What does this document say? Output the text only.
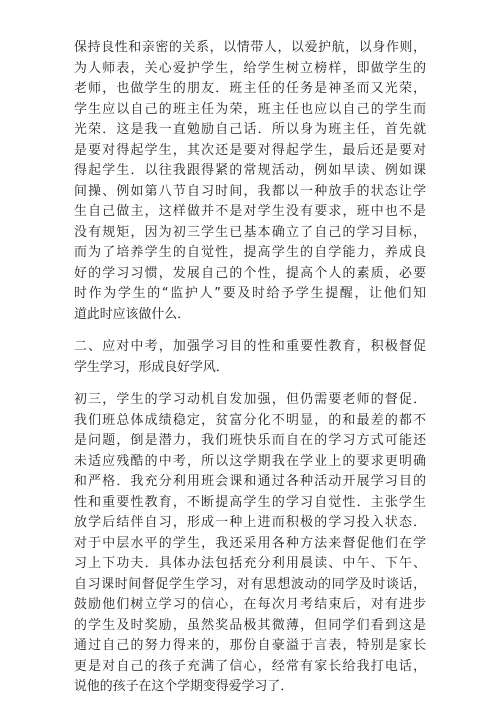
保持良性和亲密的关系，以情带人，以爱护航，以身作则，
为人师表，关心爱护学生，给学生树立榜样，即做学生的
老师，也做学生的朋友．班主任的任务是神圣而又光荣，
学生应以自己的班主任为荣，班主任也应以自己的学生而
光荣．这是我一直勉励自己话．所以身为班主任，首先就
是要对得起学生，其次还是要对得起学生，最后还是要对
得起学生．以往我跟得紧的常规活动，例如早读、例如课
间操、例如第八节自习时间，我都以一种放手的状态让学
生自己做主，这样做并不是对学生没有要求，班中也不是
没有规矩，因为初三学生已基本确立了自己的学习目标，
而为了培养学生的自觉性，提高学生的自学能力，养成良
好的学习习惯，发展自己的个性，提高个人的素质，必要
时作为学生的“监护人”要及时给予学生提醒，让他们知
道此时应该做什么．
二、应对中考，加强学习目的性和重要性教育，积极督促
学生学习，形成良好学风．
初三，学生的学习动机自发加强，但仍需要老师的督促．
我们班总体成绩稳定，贫富分化不明显，的和最差的都不
是问题，倒是潜力，我们班快乐而自在的学习方式可能还
未适应残酷的中考，所以这学期我在学业上的要求更明确
和严格．我充分利用班会课和通过各种活动开展学习目的
性和重要性教育，不断提高学生的学习自觉性．主张学生
放学后结伴自习，形成一种上进而积极的学习投入状态．
对于中层水平的学生，我还采用各种方法来督促他们在学
习上下功夫．具体办法包括充分利用晨读、中午、下午、
自习课时间督促学生学习，对有思想波动的同学及时谈话，
鼓励他们树立学习的信心，在每次月考结束后，对有进步
的学生及时奖励，虽然奖品极其微薄，但同学们看到这是
通过自己的努力得来的，那份自豪溢于言表，特别是家长
更是对自己的孩子充满了信心，经常有家长给我打电话，
说他的孩子在这个学期变得爱学习了．
